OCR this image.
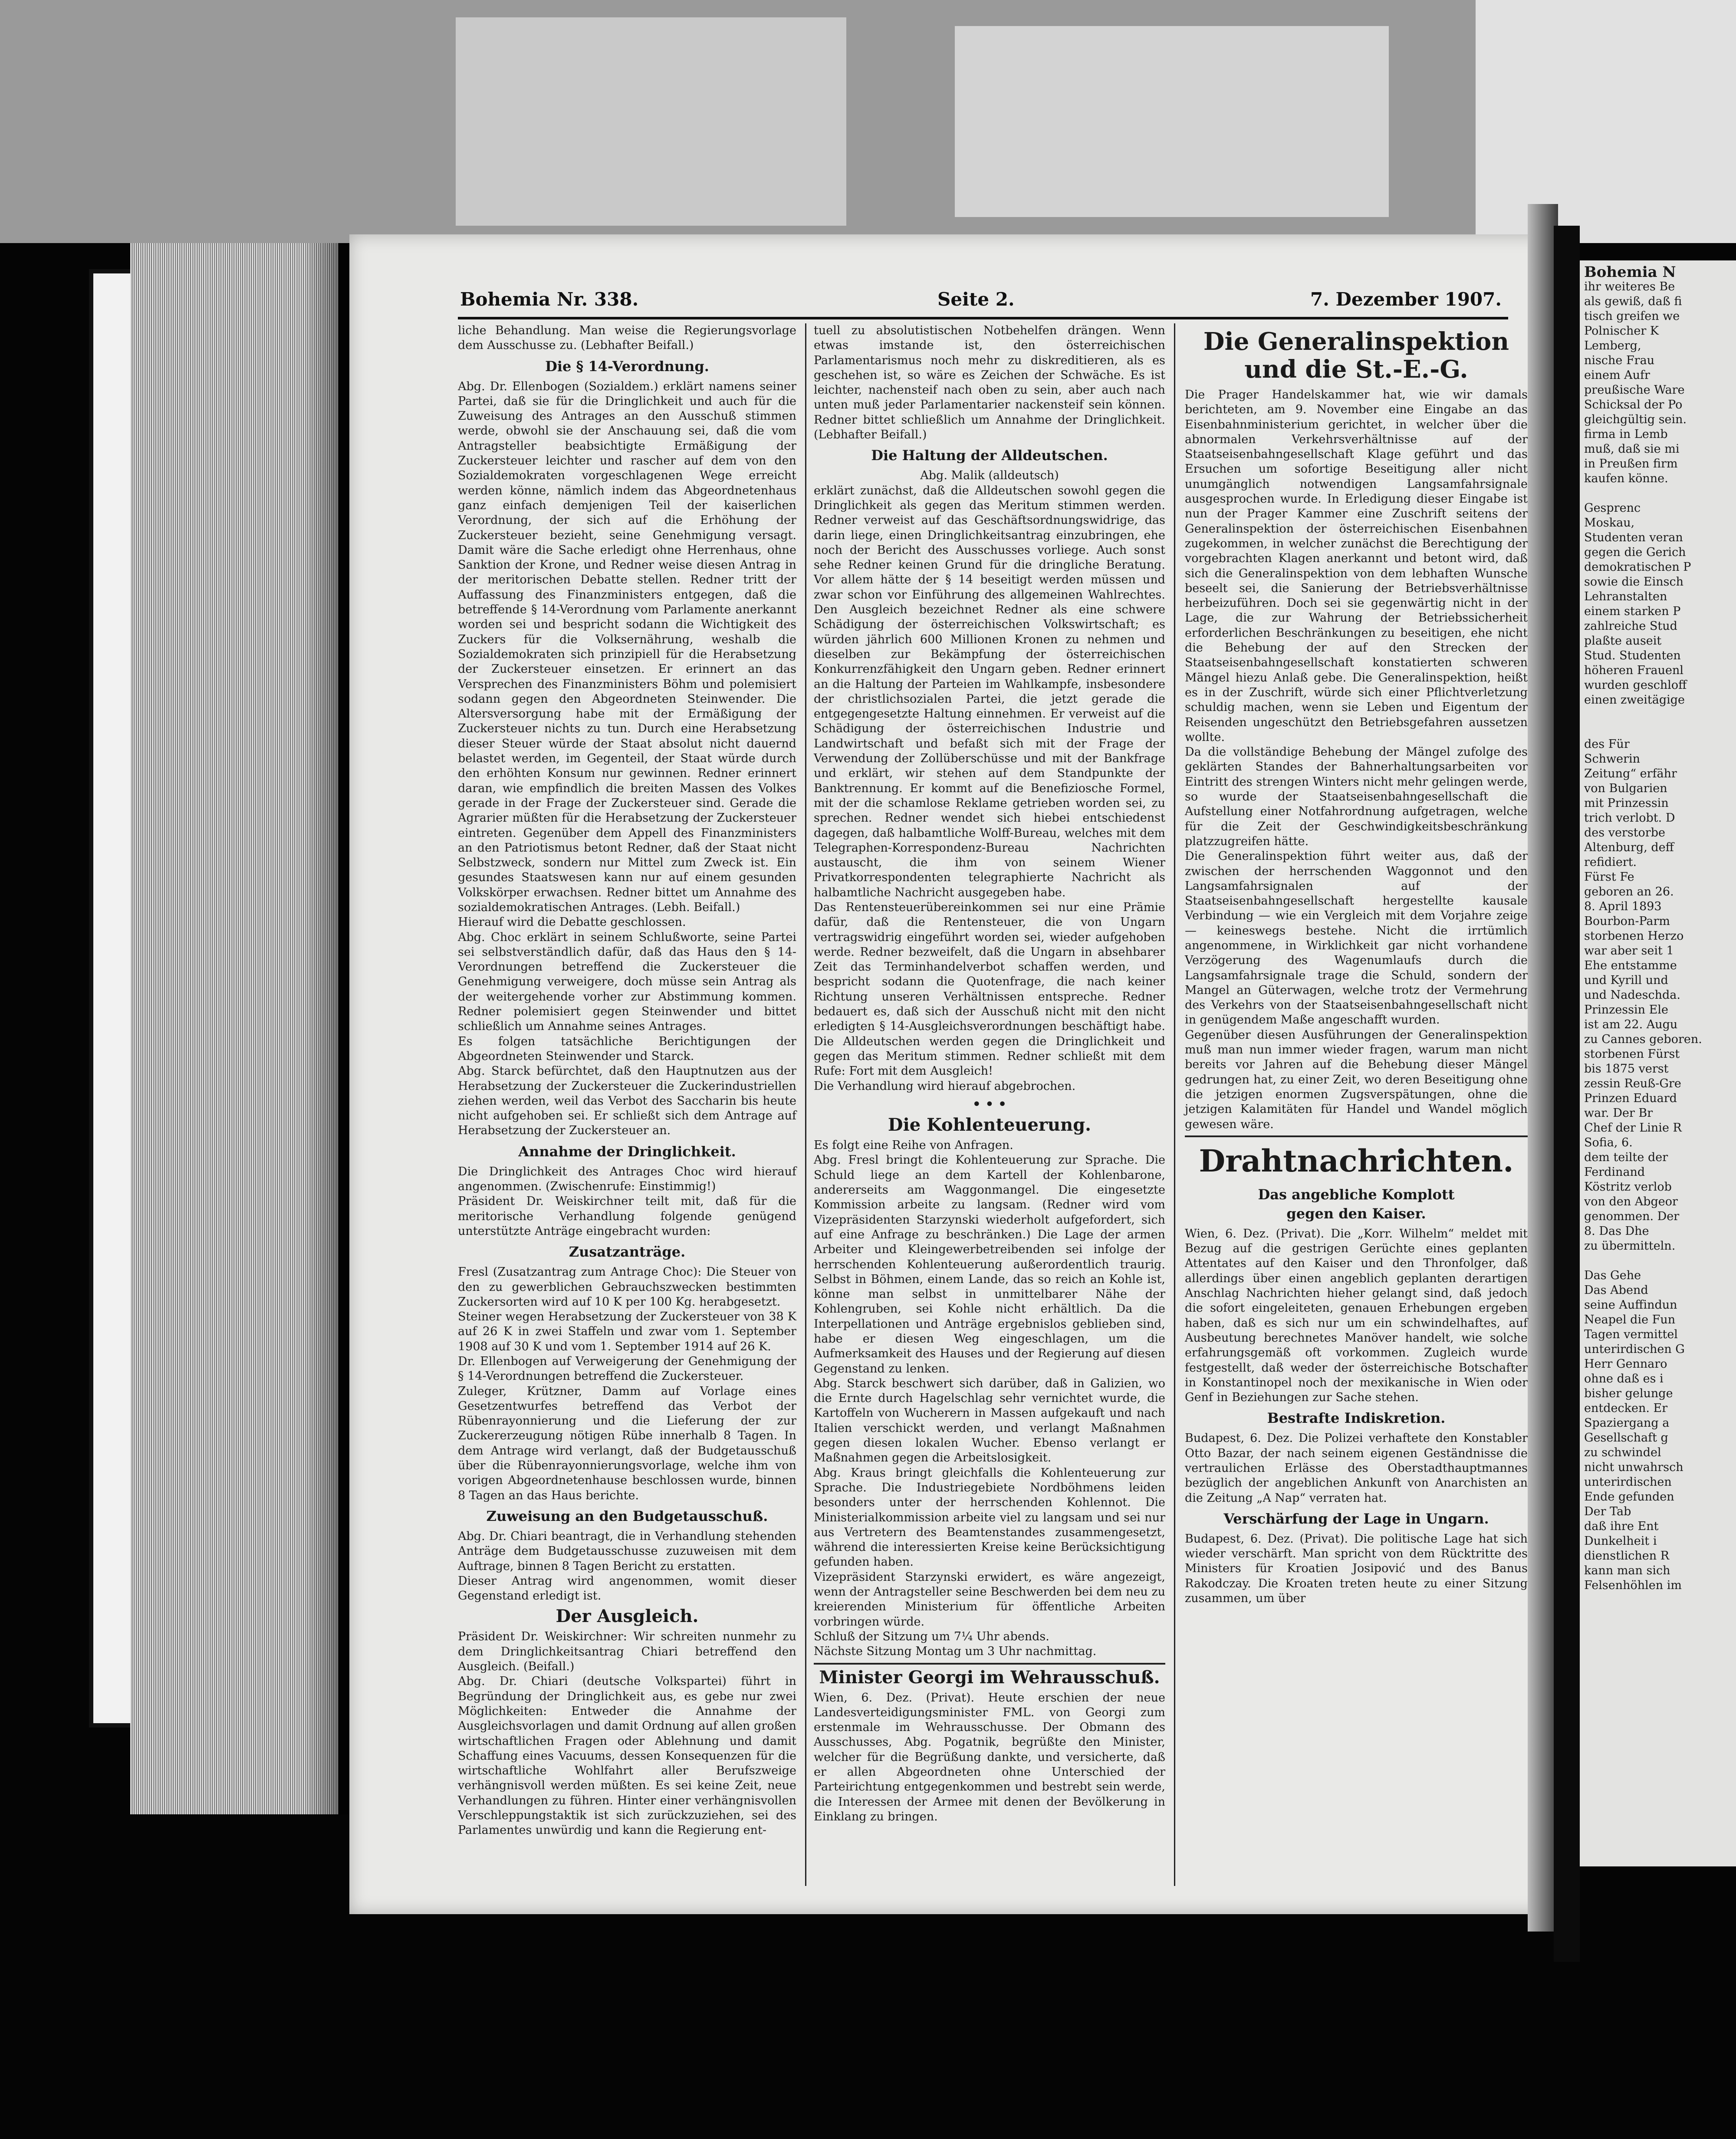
Bohemia Nr. 338.	Seite 2.	7. Dezember 1907.

liche Behandlung. Man weise die Regierungsvorlage dem Ausschusse zu. (Lebhafter Beifall.)

Die § 14-Verordnung.

Abg. Dr. Ellenbogen (Sozialdem.) erklärt namens seiner Partei, daß sie für die Dringlichkeit und auch für die Zuweisung des Antrages an den Ausschuß stimmen werde, obwohl sie der Anschauung sei, daß die vom Antragsteller beabsichtigte Ermäßigung der Zuckersteuer leichter und rascher auf dem von den Sozialdemokraten vorgeschlagenen Wege erreicht werden könne, nämlich indem das Abgeordnetenhaus ganz einfach demjenigen Teil der kaiserlichen Verordnung, der sich auf die Erhöhung der Zuckersteuer bezieht, seine Genehmigung versagt. Damit wäre die Sache erledigt ohne Herrenhaus, ohne Sanktion der Krone, und Redner weise diesen Antrag in der meritorischen Debatte stellen. Redner tritt der Auffassung des Finanzministers entgegen, daß die betreffende § 14-Verordnung vom Parlamente anerkannt worden sei und bespricht sodann die Wichtigkeit des Zuckers für die Volksernährung, weshalb die Sozialdemokraten sich prinzipiell für die Herabsetzung der Zuckersteuer einsetzen. Er erinnert an das Versprechen des Finanzministers Böhm und polemisiert sodann gegen den Abgeordneten Steinwender. Die Altersversorgung habe mit der Ermäßigung der Zuckersteuer nichts zu tun. Durch eine Herabsetzung dieser Steuer würde der Staat absolut nicht dauernd belastet werden, im Gegenteil, der Staat würde durch den erhöhten Konsum nur gewinnen. Redner erinnert daran, wie empfindlich die breiten Massen des Volkes gerade in der Frage der Zuckersteuer sind. Gerade die Agrarier müßten für die Herabsetzung der Zuckersteuer eintreten. Gegenüber dem Appell des Finanzministers an den Patriotismus betont Redner, daß der Staat nicht Selbstzweck, sondern nur Mittel zum Zweck ist. Ein gesundes Staatswesen kann nur auf einem gesunden Volkskörper erwachsen. Redner bittet um Annahme des sozialdemokratischen Antrages. (Lebh. Beifall.)

Hierauf wird die Debatte geschlossen.

Abg. Choc erklärt in seinem Schlußworte, seine Partei sei selbstverständlich dafür, daß das Haus den § 14-Verordnungen betreffend die Zuckersteuer die Genehmigung verweigere, doch müsse sein Antrag als der weitergehende vorher zur Abstimmung kommen. Redner polemisiert gegen Steinwender und bittet schließlich um Annahme seines Antrages.

Es folgen tatsächliche Berichtigungen der Abgeordneten Steinwender und Starck.

Abg. Starck befürchtet, daß den Hauptnutzen aus der Herabsetzung der Zuckersteuer die Zuckerindustriellen ziehen werden, weil das Verbot des Saccharin bis heute nicht aufgehoben sei. Er schließt sich dem Antrage auf Herabsetzung der Zuckersteuer an.

Annahme der Dringlichkeit.

Die Dringlichkeit des Antrages Choc wird hierauf angenommen. (Zwischenrufe: Einstimmig!)

Präsident Dr. Weiskirchner teilt mit, daß für die meritorische Verhandlung folgende genügend unterstützte Anträge eingebracht wurden:

Zusatzanträge.

Fresl (Zusatzantrag zum Antrage Choc): Die Steuer von den zu gewerblichen Gebrauchszwecken bestimmten Zuckersorten wird auf 10 K per 100 Kg. herabgesetzt.

Steiner wegen Herabsetzung der Zuckersteuer von 38 K auf 26 K in zwei Staffeln und zwar vom 1. September 1908 auf 30 K und vom 1. September 1914 auf 26 K.

Dr. Ellenbogen auf Verweigerung der Genehmigung der § 14-Verordnungen betreffend die Zuckersteuer.

Zuleger, Krützner, Damm auf Vorlage eines Gesetzentwurfes betreffend das Verbot der Rübenrayonnierung und die Lieferung der zur Zuckererzeugung nötigen Rübe innerhalb 8 Tagen. In dem Antrage wird verlangt, daß der Budgetausschuß über die Rübenrayonnierungsvorlage, welche ihm von vorigen Abgeordnetenhause beschlossen wurde, binnen 8 Tagen an das Haus berichte.

Zuweisung an den Budgetausschuß.

Abg. Dr. Chiari beantragt, die in Verhandlung stehenden Anträge dem Budgetausschusse zuzuweisen mit dem Auftrage, binnen 8 Tagen Bericht zu erstatten.

Dieser Antrag wird angenommen, womit dieser Gegenstand erledigt ist.

Der Ausgleich.

Präsident Dr. Weiskirchner: Wir schreiten nunmehr zu dem Dringlichkeitsantrag Chiari betreffend den Ausgleich. (Beifall.)

Abg. Dr. Chiari (deutsche Volkspartei) führt in Begründung der Dringlichkeit aus, es gebe nur zwei Möglichkeiten: Entweder die Annahme der Ausgleichsvorlagen und damit Ordnung auf allen großen wirtschaftlichen Fragen oder Ablehnung und damit Schaffung eines Vacuums, dessen Konsequenzen für die wirtschaftliche Wohlfahrt aller Berufszweige verhängnisvoll werden müßten. Es sei keine Zeit, neue Verhandlungen zu führen. Hinter einer verhängnisvollen Verschleppungstaktik ist sich zurückzuziehen, sei des Parlamentes unwürdig und kann die Regierung ent-

tuell zu absolutistischen Notbehelfen drängen. Wenn etwas imstande ist, den österreichischen Parlamentarismus noch mehr zu diskreditieren, als es geschehen ist, so wäre es Zeichen der Schwäche. Es ist leichter, nachensteif nach oben zu sein, aber auch nach unten muß jeder Parlamentarier nackensteif sein können. Redner bittet schließlich um Annahme der Dringlichkeit. (Lebhafter Beifall.)

Die Haltung der Alldeutschen.

Abg. Malik (alldeutsch)

erklärt zunächst, daß die Alldeutschen sowohl gegen die Dringlichkeit als gegen das Meritum stimmen werden. Redner verweist auf das Geschäftsordnungswidrige, das darin liege, einen Dringlichkeitsantrag einzubringen, ehe noch der Bericht des Ausschusses vorliege. Auch sonst sehe Redner keinen Grund für die dringliche Beratung. Vor allem hätte der § 14 beseitigt werden müssen und zwar schon vor Einführung des allgemeinen Wahlrechtes. Den Ausgleich bezeichnet Redner als eine schwere Schädigung der österreichischen Volkswirtschaft; es würden jährlich 600 Millionen Kronen zu nehmen und dieselben zur Bekämpfung der österreichischen Konkurrenzfähigkeit den Ungarn geben. Redner erinnert an die Haltung der Parteien im Wahlkampfe, insbesondere der christlichsozialen Partei, die jetzt gerade die entgegengesetzte Haltung einnehmen. Er verweist auf die Schädigung der österreichischen Industrie und Landwirtschaft und befaßt sich mit der Frage der Verwendung der Zollüberschüsse und mit der Bankfrage und erklärt, wir stehen auf dem Standpunkte der Banktrennung. Er kommt auf die Benefiziosche Formel, mit der die schamlose Reklame getrieben worden sei, zu sprechen. Redner wendet sich hiebei entschiedenst dagegen, daß halbamtliche Wolff-Bureau, welches mit dem Telegraphen-Korrespondenz-Bureau Nachrichten austauscht, die ihm von seinem Wiener Privatkorrespondenten telegraphierte Nachricht als halbamtliche Nachricht ausgegeben habe.

Das Rentensteuerübereinkommen sei nur eine Prämie dafür, daß die Rentensteuer, die von Ungarn vertragswidrig eingeführt worden sei, wieder aufgehoben werde. Redner bezweifelt, daß die Ungarn in absehbarer Zeit das Terminhandelverbot schaffen werden, und bespricht sodann die Quotenfrage, die nach keiner Richtung unseren Verhältnissen entspreche. Redner bedauert es, daß sich der Ausschuß nicht mit den nicht erledigten § 14-Ausgleichsverordnungen beschäftigt habe. Die Alldeutschen werden gegen die Dringlichkeit und gegen das Meritum stimmen. Redner schließt mit dem Rufe: Fort mit dem Ausgleich!

Die Verhandlung wird hierauf abgebrochen.

• • •

Die Kohlenteuerung.

Es folgt eine Reihe von Anfragen.

Abg. Fresl bringt die Kohlenteuerung zur Sprache. Die Schuld liege an dem Kartell der Kohlenbarone, andererseits am Waggonmangel. Die eingesetzte Kommission arbeite zu langsam. (Redner wird vom Vizepräsidenten Starzynski wiederholt aufgefordert, sich auf eine Anfrage zu beschränken.) Die Lage der armen Arbeiter und Kleingewerbetreibenden sei infolge der herrschenden Kohlenteuerung außerordentlich traurig. Selbst in Böhmen, einem Lande, das so reich an Kohle ist, könne man selbst in unmittelbarer Nähe der Kohlengruben, sei Kohle nicht erhältlich. Da die Interpellationen und Anträge ergebnislos geblieben sind, habe er diesen Weg eingeschlagen, um die Aufmerksamkeit des Hauses und der Regierung auf diesen Gegenstand zu lenken.

Abg. Starck beschwert sich darüber, daß in Galizien, wo die Ernte durch Hagelschlag sehr vernichtet wurde, die Kartoffeln von Wucherern in Massen aufgekauft und nach Italien verschickt werden, und verlangt Maßnahmen gegen diesen lokalen Wucher. Ebenso verlangt er Maßnahmen gegen die Arbeitslosigkeit.

Abg. Kraus bringt gleichfalls die Kohlenteuerung zur Sprache. Die Industriegebiete Nordböhmens leiden besonders unter der herrschenden Kohlennot. Die Ministerialkommission arbeite viel zu langsam und sei nur aus Vertretern des Beamtenstandes zusammengesetzt, während die interessierten Kreise keine Berücksichtigung gefunden haben.

Vizepräsident Starzynski erwidert, es wäre angezeigt, wenn der Antragsteller seine Beschwerden bei dem neu zu kreierenden Ministerium für öffentliche Arbeiten vorbringen würde.

Schluß der Sitzung um 7¼ Uhr abends.

Nächste Sitzung Montag um 3 Uhr nachmittag.

Minister Georgi im Wehrausschuß.

Wien, 6. Dez. (Privat). Heute erschien der neue Landesverteidigungsminister FML. von Georgi zum erstenmale im Wehrausschusse. Der Obmann des Ausschusses, Abg. Pogatnik, begrüßte den Minister, welcher für die Begrüßung dankte, und versicherte, daß er allen Abgeordneten ohne Unterschied der Parteirichtung entgegenkommen und bestrebt sein werde, die Interessen der Armee mit denen der Bevölkerung in Einklang zu bringen.

Die Generalinspektion

und die St.-E.-G.

Die Prager Handelskammer hat, wie wir damals berichteten, am 9. November eine Eingabe an das Eisenbahnministerium gerichtet, in welcher über die abnormalen Verkehrsverhältnisse auf der Staatseisenbahngesellschaft Klage geführt und das Ersuchen um sofortige Beseitigung aller nicht unumgänglich notwendigen Langsamfahrsignale ausgesprochen wurde. In Erledigung dieser Eingabe ist nun der Prager Kammer eine Zuschrift seitens der Generalinspektion der österreichischen Eisenbahnen zugekommen, in welcher zunächst die Berechtigung der vorgebrachten Klagen anerkannt und betont wird, daß sich die Generalinspektion von dem lebhaften Wunsche beseelt sei, die Sanierung der Betriebsverhältnisse herbeizuführen. Doch sei sie gegenwärtig nicht in der Lage, die zur Wahrung der Betriebssicherheit erforderlichen Beschränkungen zu beseitigen, ehe nicht die Behebung der auf den Strecken der Staatseisenbahngesellschaft konstatierten schweren Mängel hiezu Anlaß gebe. Die Generalinspektion, heißt es in der Zuschrift, würde sich einer Pflichtverletzung schuldig machen, wenn sie Leben und Eigentum der Reisenden ungeschützt den Betriebsgefahren aussetzen wollte.

Da die vollständige Behebung der Mängel zufolge des geklärten Standes der Bahnerhaltungsarbeiten vor Eintritt des strengen Winters nicht mehr gelingen werde, so wurde der Staatseisenbahngesellschaft die Aufstellung einer Notfahrordnung aufgetragen, welche für die Zeit der Geschwindigkeitsbeschränkung platzzugreifen hätte.

Die Generalinspektion führt weiter aus, daß der zwischen der herrschenden Waggonnot und den Langsamfahrsignalen auf der Staatseisenbahngesellschaft hergestellte kausale Verbindung — wie ein Vergleich mit dem Vorjahre zeige — keineswegs bestehe. Nicht die irrtümlich angenommene, in Wirklichkeit gar nicht vorhandene Verzögerung des Wagenumlaufs durch die Langsamfahrsignale trage die Schuld, sondern der Mangel an Güterwagen, welche trotz der Vermehrung des Verkehrs von der Staatseisenbahngesellschaft nicht in genügendem Maße angeschafft wurden.

Gegenüber diesen Ausführungen der Generalinspektion muß man nun immer wieder fragen, warum man nicht bereits vor Jahren auf die Behebung dieser Mängel gedrungen hat, zu einer Zeit, wo deren Beseitigung ohne die jetzigen enormen Zugsverspätungen, ohne die jetzigen Kalamitäten für Handel und Wandel möglich gewesen wäre.

Drahtnachrichten.

Das angebliche Komplott

gegen den Kaiser.

Wien, 6. Dez. (Privat). Die „Korr. Wilhelm“ meldet mit Bezug auf die gestrigen Gerüchte eines geplanten Attentates auf den Kaiser und den Thronfolger, daß allerdings über einen angeblich geplanten derartigen Anschlag Nachrichten hieher gelangt sind, daß jedoch die sofort eingeleiteten, genauen Erhebungen ergeben haben, daß es sich nur um ein schwindelhaftes, auf Ausbeutung berechnetes Manöver handelt, wie solche erfahrungsgemäß oft vorkommen. Zugleich wurde festgestellt, daß weder der österreichische Botschafter in Konstantinopel noch der mexikanische in Wien oder Genf in Beziehungen zur Sache stehen.

Bestrafte Indiskretion.

Budapest, 6. Dez. Die Polizei verhaftete den Konstabler Otto Bazar, der nach seinem eigenen Geständnisse die vertraulichen Erlässe des Oberstadthauptmannes bezüglich der angeblichen Ankunft von Anarchisten an die Zeitung „A Nap“ verraten hat.

Verschärfung der Lage in Ungarn.

Budapest, 6. Dez. (Privat). Die politische Lage hat sich wieder verschärft. Man spricht von dem Rücktritte des Ministers für Kroatien Josipović und des Banus Rakodczay. Die Kroaten treten heute zu einer Sitzung zusammen, um über

Bohemia N

ihr weiteres Be

als gewiß, daß fi

tisch greifen we

Polnischer K

Lemberg,

nische Frau

einem Aufr

preußische Ware

Schicksal der Po

gleichgültig sein.

firma in Lemb

muß, daß sie mi

in Preußen firm

kaufen könne.

Gesprenc

Moskau,

Studenten veran

gegen die Gerich

demokratischen P

sowie die Einsch

Lehranstalten

einem starken P

zahlreiche Stud

plaßte auseit

Stud. Studenten

höheren Frauenl

wurden geschloff

einen zweitägige

des Für

Schwerin

Zeitung“ erfähr

von Bulgarien

mit Prinzessin

trich verlobt. D

des verstorbe

Altenburg, deff

refidiert.

Fürst Fe

geboren an 26.

8. April 1893

Bourbon-Parm

storbenen Herzo

war aber seit 1

Ehe entstamme

und Kyrill und

und Nadeschda.

Prinzessin Ele

ist am 22. Augu

zu Cannes geboren.

storbenen Fürst

bis 1875 verst

zessin Reuß-Gre

Prinzen Eduard

war. Der Br

Chef der Linie R

Sofia, 6.

dem teilte der

Ferdinand

Köstritz verlob

von den Abgeor

genommen. Der

8. Das Dhe

zu übermitteln.

Das Gehe

Das Abend

seine Auffindun

Neapel die Fun

Tagen vermittel

unterirdischen G

Herr Gennaro

ohne daß es i

bisher gelunge

entdecken. Er

Spaziergang a

Gesellschaft g

zu schwindel

nicht unwahrsch

unterirdischen

Ende gefunden

Der Tab

daß ihre Ent

Dunkelheit i

dienstlichen R

kann man sich

Felsenhöhlen im
